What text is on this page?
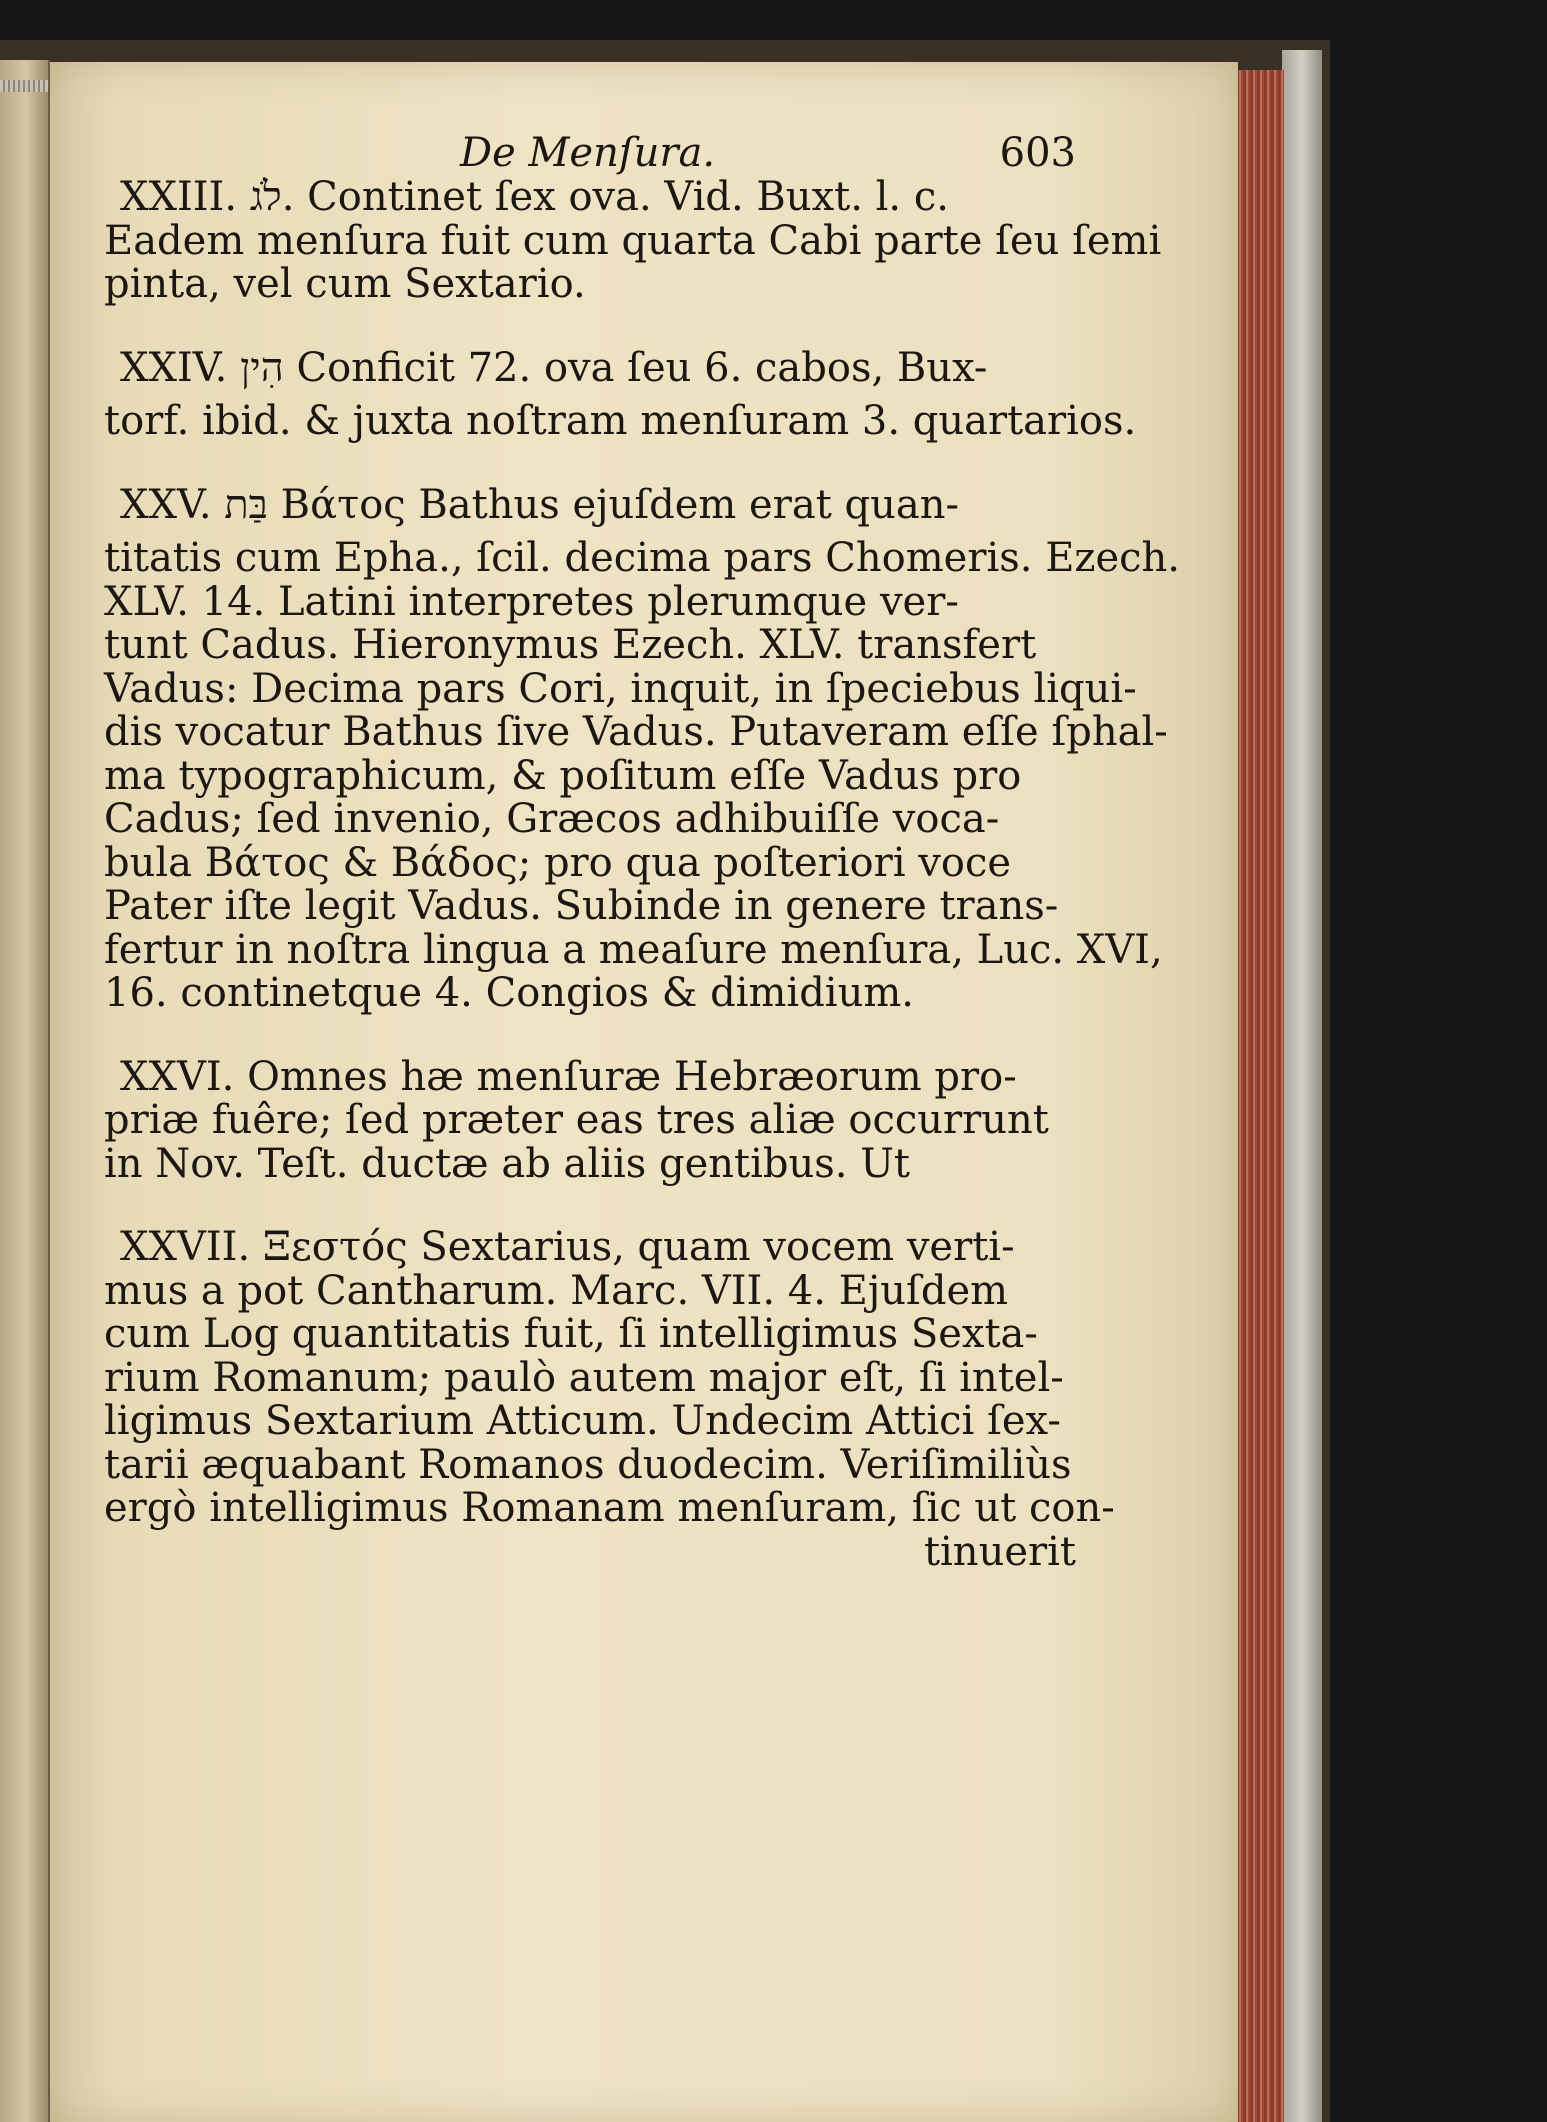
De Menſura.	603

XXIII. לֹג. Continet ſex ova. Vid. Buxt. l. c.
Eadem menſura fuit cum quarta Cabi parte ſeu ſemi
pinta, vel cum Sextario.

XXIV. הִין Conficit 72. ova ſeu 6. cabos, Bux-
torf. ibid. & juxta noſtram menſuram 3. quartarios.

XXV. בַּת Βάτος Bathus ejuſdem erat quan-
titatis cum Epha., ſcil. decima pars Chomeris. Ezech.
XLV. 14. Latini interpretes plerumque ver-
tunt Cadus. Hieronymus Ezech. XLV. transfert
Vadus: Decima pars Cori, inquit, in ſpeciebus liqui-
dis vocatur Bathus ſive Vadus. Putaveram eſſe ſphal-
ma typographicum, & poſitum eſſe Vadus pro
Cadus; ſed invenio, Græcos adhibuiſſe voca-
bula Βάτος & Βάδος; pro qua poſteriori voce
Pater iſte legit Vadus. Subinde in genere trans-
fertur in noſtra lingua a meaſure menſura, Luc. XVI,
16. continetque 4. Congios & dimidium.

XXVI. Omnes hæ menſuræ Hebræorum pro-
priæ fuêre; ſed præter eas tres aliæ occurrunt
in Nov. Teſt. ductæ ab aliis gentibus. Ut

XXVII. Ξεστός Sextarius, quam vocem verti-
mus a pot Cantharum. Marc. VII. 4. Ejuſdem
cum Log quantitatis fuit, ſi intelligimus Sexta-
rium Romanum; paulò autem major eſt, ſi intel-
ligimus Sextarium Atticum. Undecim Attici ſex-
tarii æquabant Romanos duodecim. Veriſimiliùs
ergò intelligimus Romanam menſuram, ſic ut con-

tinuerit
